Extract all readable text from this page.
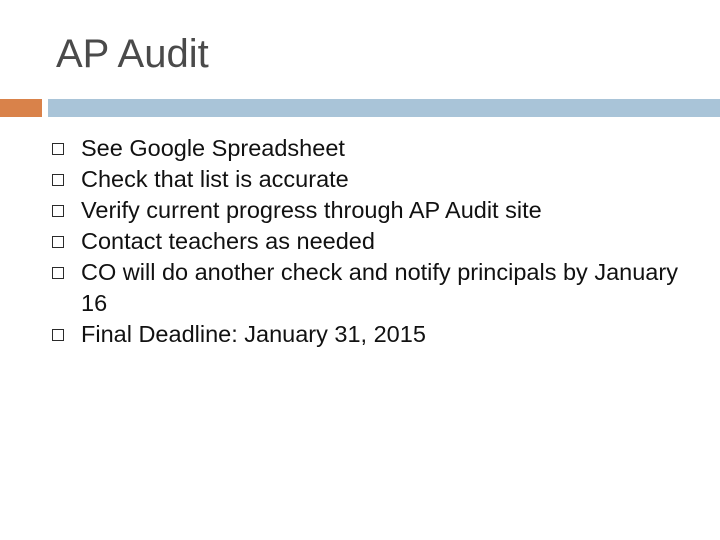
AP Audit
See Google Spreadsheet
Check that list is accurate
Verify current progress through AP Audit site
Contact teachers as needed
CO will do another check and notify principals by January 16
Final Deadline: January 31, 2015
